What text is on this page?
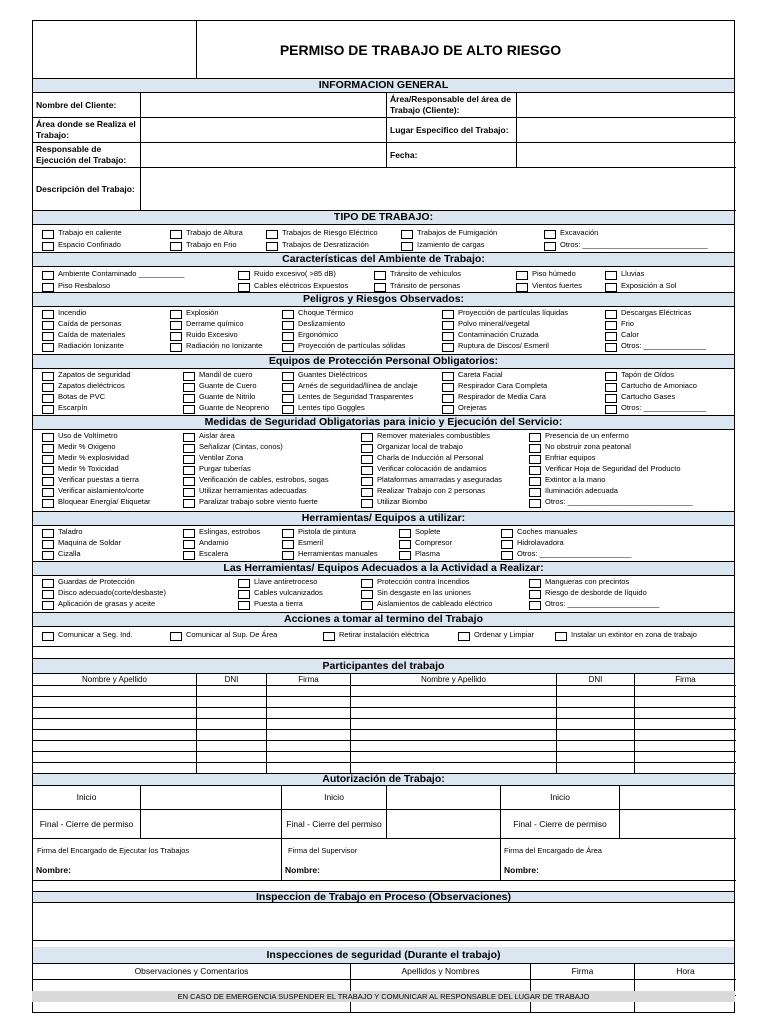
PERMISO DE TRABAJO DE ALTO RIESGO
INFORMACION GENERAL
Nombre del Cliente:
Área/Responsable del área de Trabajo (Cliente):
Área donde se Realiza el Trabajo:
Lugar Especifico del Trabajo:
Responsable de Ejecución del Trabajo:
Fecha:
Descripción del Trabajo:
TIPO DE TRABAJO:
Trabajo en caliente	Trabajo de Altura	Trabajos de Riesgo Eléctrico	Trabajos de Fumigación	Excavación
Espacio Confinado	Trabajo en Frio	Trabajos de Desratización	Izamiento de cargas	Otros: ______________________________
Características del Ambiente de Trabajo:
Ambiente Contaminado ___________	Ruido excesivo( >85 dB)	Tránsito de vehículos	Piso húmedo	Lluvias
Piso Resbaloso	Cables eléctricos Expuestos	Tránsito de personas	Vientos fuertes	Exposición a Sol
Peligros y Riesgos Observados:
Incendio	Explosión	Choque Térmico	Proyección de partículas líquidas	Descargas Eléctricas
Caída de personas	Derrame químico	Deslizamiento	Polvo mineral/vegetal	Frio
Caída de materiales	Ruido Excesivo	Ergonómico	Contaminación Cruzada	Calor
Radiación Ionizante	Radiación no Ionizante	Proyección de partículas sólidas	Ruptura de Discos/ Esmeril	Otros: _______________
Equipos de Protección Personal Obligatorios:
Zapatos de seguridad	Mandil de cuero	Guantes Dieléctricos	Careta Facial	Tapón de Oídos
Zapatos dieléctricos	Guante de Cuero	Arnés de seguridad/línea de anclaje	Respirador Cara Completa	Cartucho de Amoniaco
Botas de PVC	Guante de Nitrilo	Lentes de Seguridad Trasparentes	Respirador de Media Cara	Cartucho Gases
Escarpín	Guante de Neopreno	Lentes tipo Goggles	Orejeras	Otros: _______________
Medidas de Seguridad Obligatorias para inicio y Ejecución del Servicio:
Uso de Voltímetro	Aislar área	Remover materiales combustibles	Presencia de un enfermo
Medir % Oxigeno	Señalizar (Cintas, conos)	Organizar local de trabajo	No obstruir zona peatonal
Medir % explosividad	Ventilar Zona	Charla de Inducción al Personal	Enfriar equipos
Medir % Toxicidad	Purgar tuberías	Verificar colocación de andamios	Verificar Hoja de Seguridad del Producto
Verificar puestas a tierra	Verificación de cables, estrobos, sogas	Plataformas amarradas y aseguradas	Extintor a la mano
Verificar aislamiento/corte	Utilizar herramientas adecuadas	Realizar Trabajo con 2 personas	Iluminación adecuada
Bloquear Energía/ Etiquetar	Paralizar trabajo sobre viento fuerte	Utilizar Biombo	Otros: ______________________________
Herramientas/ Equipos a utilizar:
Taladro	Eslingas, estrobos	Pistola de pintura	Soplete	Coches manuales
Maquina de Soldar	Andamio	Esmeril	Compresor	Hidrolavadora
Cizalla	Escalera	Herramientas manuales	Plasma	Otros: ______________________
Las Herramientas/ Equipos Adecuados a la Actividad a Realizar:
Guardas de Protección	Llave antiretroceso	Protección contra Incendios	Mangueras con precintos
Disco adecuado(corte/desbaste)	Cables vulcanizados	Sin desgaste en las uniones	Riesgo de desborde de líquido
Aplicación de grasas y aceite	Puesta a tierra	Aislamientos de cableado eléctrico	Otros: ______________________
Acciones a tomar al termino del Trabajo
Comunicar a Seg. Ind.	Comunicar al Sup. De Área	Retirar instalación eléctrica	Ordenar y Limpiar	Instalar un extintor en zona de trabajo
Participantes del trabajo
Nombre y Apellido	DNI	Firma	Nombre y Apellido	DNI	Firma
Autorización de Trabajo:
Inicio	Inicio	Inicio
Final - Cierre de permiso	Final - Cierre del permiso	Final - Cierre de permiso
Firma del Encargado de Ejecutar los Trabajos	Firma del Supervisor	Firma del Encargado de Área
Nombre:	Nombre:	Nombre:
Inspeccion de Trabajo en Proceso (Observaciones)
Inspecciones de seguridad (Durante el trabajo)
Observaciones y Comentarios	Apellidos y Nombres	Firma	Hora
EN CASO DE EMERGENCIA SUSPENDER EL TRABAJO Y COMUNICAR AL RESPONSABLE DEL LUGAR DE TRABAJO
